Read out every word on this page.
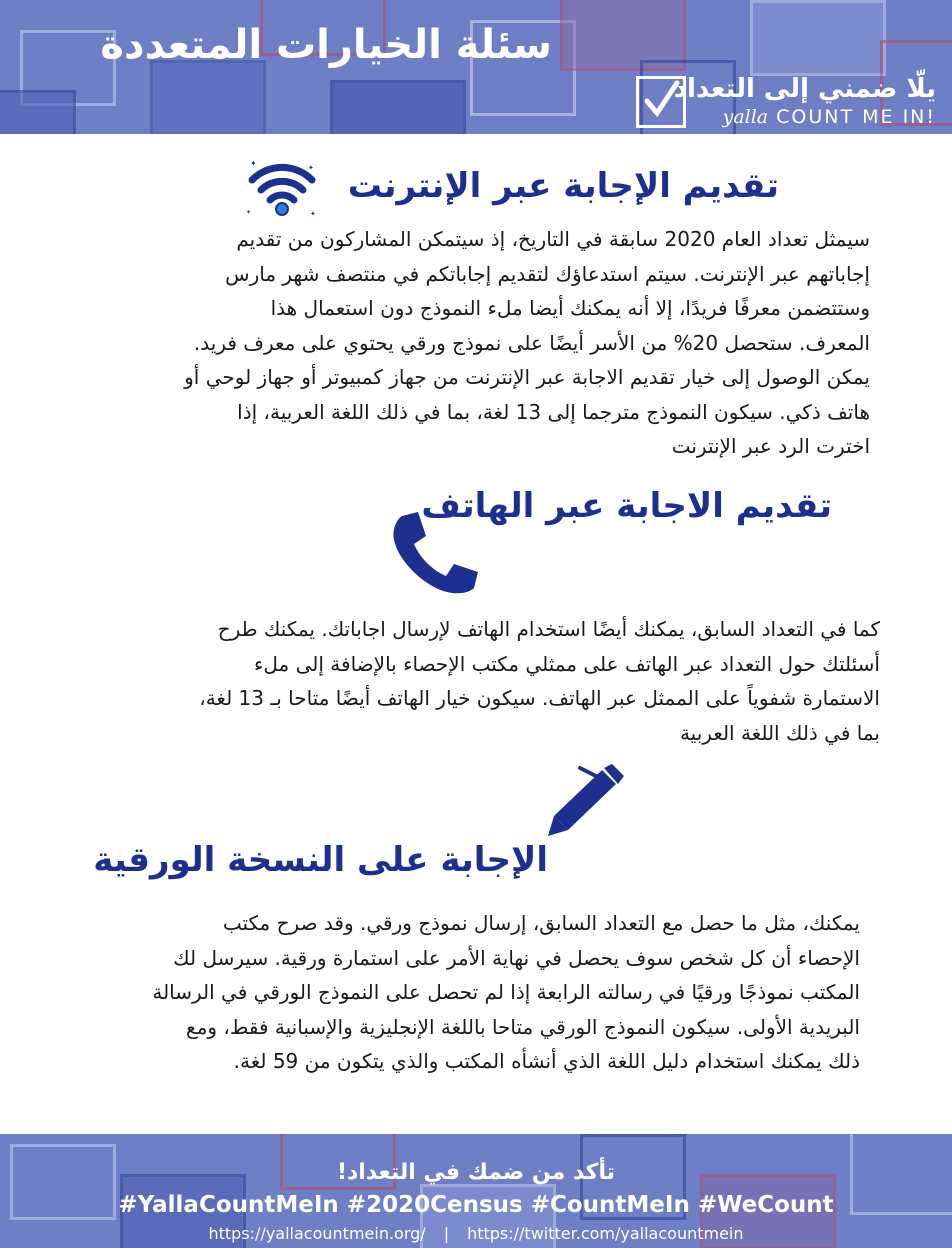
سئلة الخيارات المتعددة
يلّا ضمني إلى التعداد
yalla COUNT ME IN!
تقديم الإجابة عبر الإنترنت
✦	✦
✦
✦
سيمثل تعداد العام 2020 سابقة في التاريخ، إذ سيتمكن المشاركون من تقديم
إجاباتهم عبر الإنترنت. سيتم استدعاؤك لتقديم إجاباتكم في منتصف شهر مارس
وستتضمن معرفًا فريدًا، إلا أنه يمكنك أيضا ملء النموذج دون استعمال هذا
المعرف. ستحصل 20% من الأسر أيضًا على نموذج ورقي يحتوي على معرف فريد.
يمكن الوصول إلى خيار تقديم الاجابة عبر الإنترنت من جهاز كمبيوتر أو جهاز لوحي أو
هاتف ذكي. سيكون النموذج مترجما إلى 13 لغة، بما في ذلك اللغة العربية، إذا
اخترت الرد عبر الإنترنت
تقديم الاجابة عبر الهاتف
كما في التعداد السابق، يمكنك أيضًا استخدام الهاتف لإرسال اجاباتك. يمكنك طرح
أسئلتك حول التعداد عبر الهاتف على ممثلي مكتب الإحصاء بالإضافة إلى ملء
الاستمارة شفوياً على الممثل عبر الهاتف. سيكون خيار الهاتف أيضًا متاحا بـ 13 لغة،
بما في ذلك اللغة العربية
الإجابة على النسخة الورقية
يمكنك، مثل ما حصل مع التعداد السابق، إرسال نموذج ورقي. وقد صرح مكتب
الإحصاء أن كل شخص سوف يحصل في نهاية الأمر على استمارة ورقية. سيرسل لك
المكتب نموذجًا ورقيًا في رسالته الرابعة إذا لم تحصل على النموذج الورقي في الرسالة
البريدية الأولى. سيكون النموذج الورقي متاحا باللغة الإنجليزية والإسبانية فقط، ومع
ذلك يمكنك استخدام دليل اللغة الذي أنشأه المكتب والذي يتكون من 59 لغة.
تأكد من ضمك في التعداد!
#YallaCountMeIn #2020Census #CountMeIn #WeCount
https://yallacountmein.org/ | https://twitter.com/yallacountmein
